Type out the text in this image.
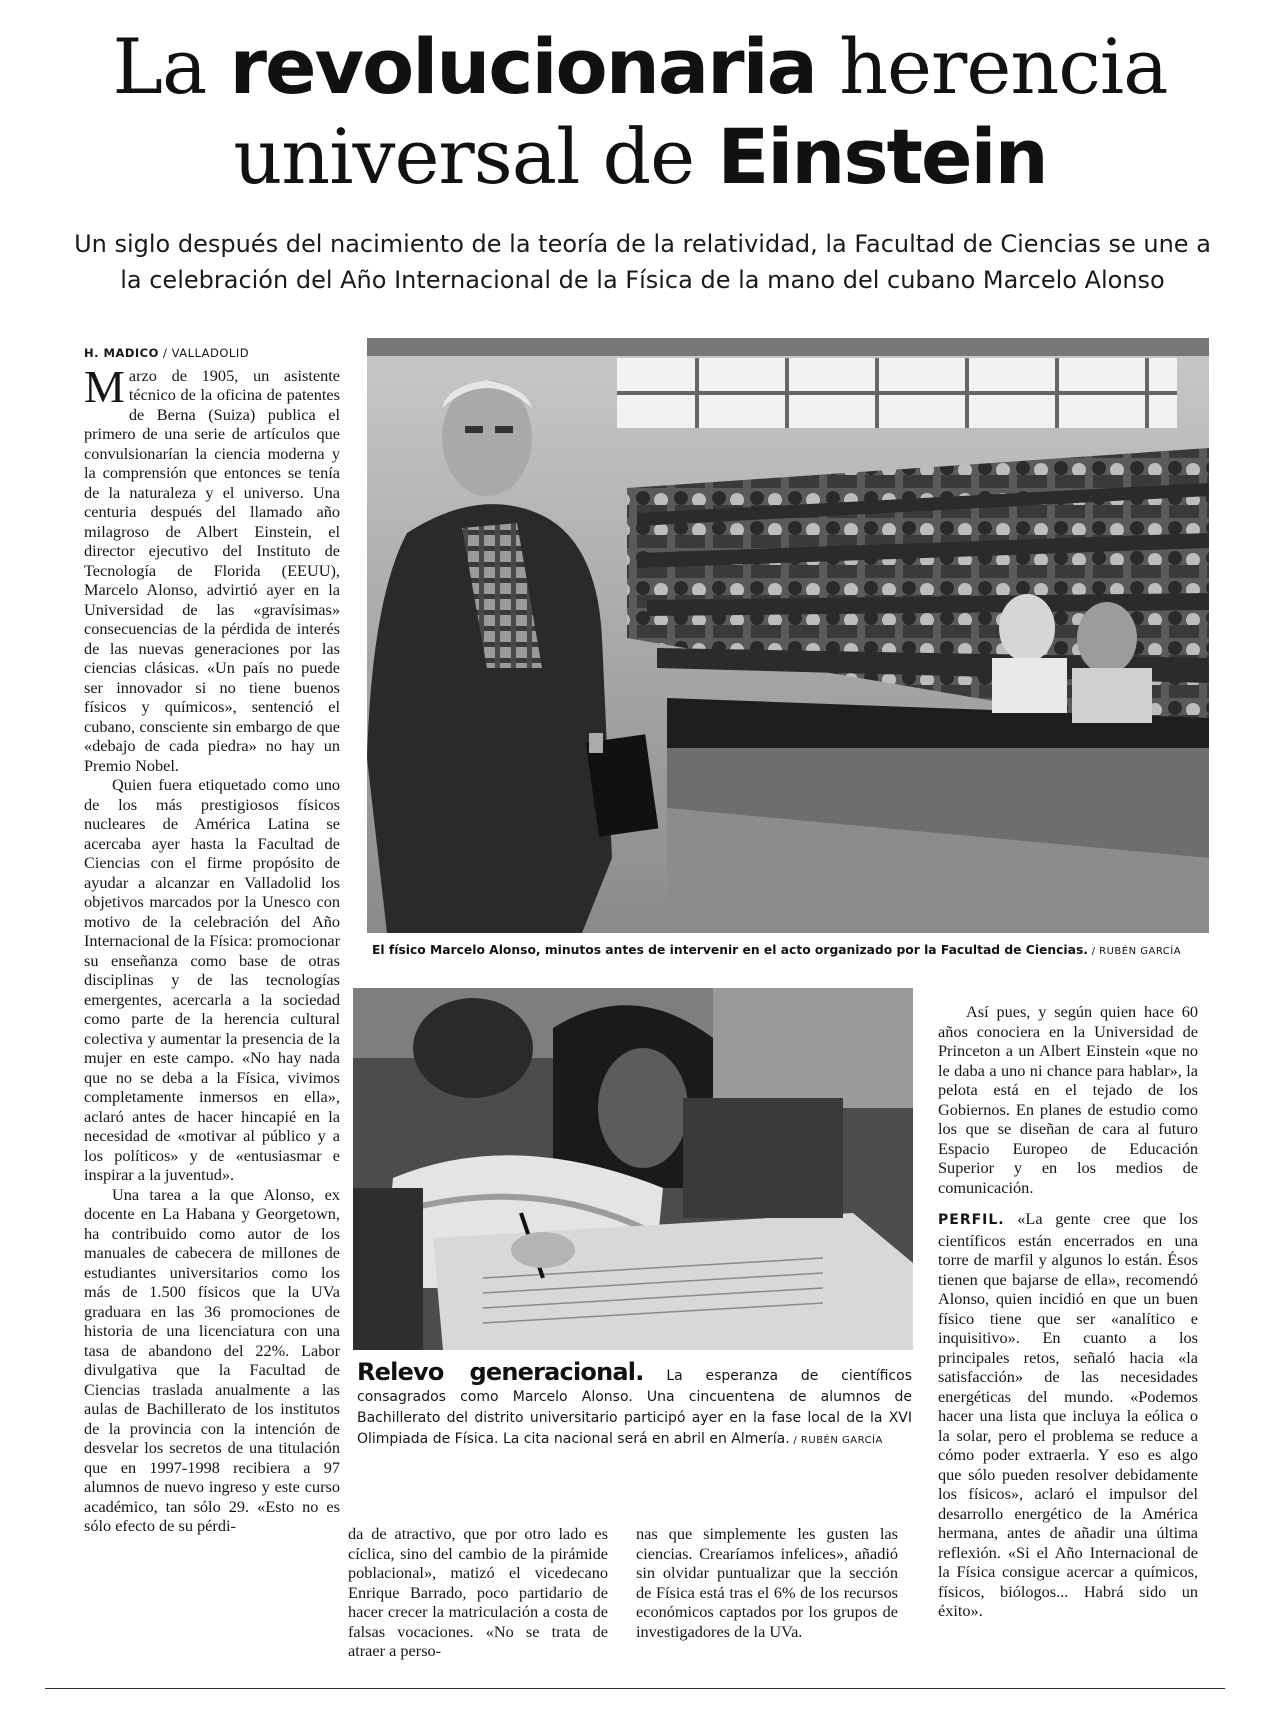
La revolucionaria herencia
universal de Einstein
Un siglo después del nacimiento de la teoría de la relatividad, la Facultad de Ciencias se une a la celebración del Año Internacional de la Física de la mano del cubano Marcelo Alonso
H. MADICO / VALLADOLID

Marzo de 1905, un asistente técnico de la oficina de patentes de Berna (Suiza) publica el primero de una serie de artículos que convulsionarían la ciencia moderna y la comprensión que entonces se tenía de la naturaleza y el universo. Una centuria después del llamado año milagroso de Albert Einstein, el director ejecutivo del Instituto de Tecnología de Florida (EEUU), Marcelo Alonso, advirtió ayer en la Universidad de las «gravísimas» consecuencias de la pérdida de interés de las nuevas generaciones por las ciencias clásicas. «Un país no puede ser innovador si no tiene buenos físicos y químicos», sentenció el cubano, consciente sin embargo de que «debajo de cada piedra» no hay un Premio Nobel.

Quien fuera etiquetado como uno de los más prestigiosos físicos nucleares de América Latina se acercaba ayer hasta la Facultad de Ciencias con el firme propósito de ayudar a alcanzar en Valladolid los objetivos marcados por la Unesco con motivo de la celebración del Año Internacional de la Física: promocionar su enseñanza como base de otras disciplinas y de las tecnologías emergentes, acercarla a la sociedad como parte de la herencia cultural colectiva y aumentar la presencia de la mujer en este campo. «No hay nada que no se deba a la Física, vivimos completamente inmersos en ella», aclaró antes de hacer hincapié en la necesidad de «motivar al público y a los políticos» y de «entusiasmar e inspirar a la juventud».

Una tarea a la que Alonso, ex docente en La Habana y Georgetown, ha contribuido como autor de los manuales de cabecera de millones de estudiantes universitarios como los más de 1.500 físicos que la UVa graduara en las 36 promociones de historia de una licenciatura con una tasa de abandono del 22%. Labor divulgativa que la Facultad de Ciencias traslada anualmente a las aulas de Bachillerato de los institutos de la provincia con la intención de desvelar los secretos de una titulación que en 1997-1998 recibiera a 97 alumnos de nuevo ingreso y este curso académico, tan sólo 29. «Esto no es sólo efecto de su pérdi-

El físico Marcelo Alonso, minutos antes de intervenir en el acto organizado por la Facultad de Ciencias. / RUBÉN GARCÍA
Relevo generacional. La esperanza de científicos consagrados como Marcelo Alonso. Una cincuentena de alumnos de Bachillerato del distrito universitario participó ayer en la fase local de la XVI Olimpiada de Física. La cita nacional será en abril en Almería. / RUBÉN GARCÍA

da de atractivo, que por otro lado es cíclica, sino del cambio de la pirámide poblacional», matizó el vicedecano Enrique Barrado, poco partidario de hacer crecer la matriculación a costa de falsas vocaciones. «No se trata de atraer a perso-

nas que simplemente les gusten las ciencias. Crearíamos infelices», añadió sin olvidar puntualizar que la sección de Física está tras el 6% de los recursos económicos captados por los grupos de investigadores de la UVa.

Así pues, y según quien hace 60 años conociera en la Universidad de Princeton a un Albert Einstein «que no le daba a uno ni chance para hablar», la pelota está en el tejado de los Gobiernos. En planes de estudio como los que se diseñan de cara al futuro Espacio Europeo de Educación Superior y en los medios de comunicación.

PERFIL. «La gente cree que los científicos están encerrados en una torre de marfil y algunos lo están. Ésos tienen que bajarse de ella», recomendó Alonso, quien incidió en que un buen físico tiene que ser «analítico e inquisitivo». En cuanto a los principales retos, señaló hacia «la satisfacción» de las necesidades energéticas del mundo. «Podemos hacer una lista que incluya la eólica o la solar, pero el problema se reduce a cómo poder extraerla. Y eso es algo que sólo pueden resolver debidamente los físicos», aclaró el impulsor del desarrollo energético de la América hermana, antes de añadir una última reflexión. «Si el Año Internacional de la Física consigue acercar a químicos, físicos, biólogos... Habrá sido un éxito».
